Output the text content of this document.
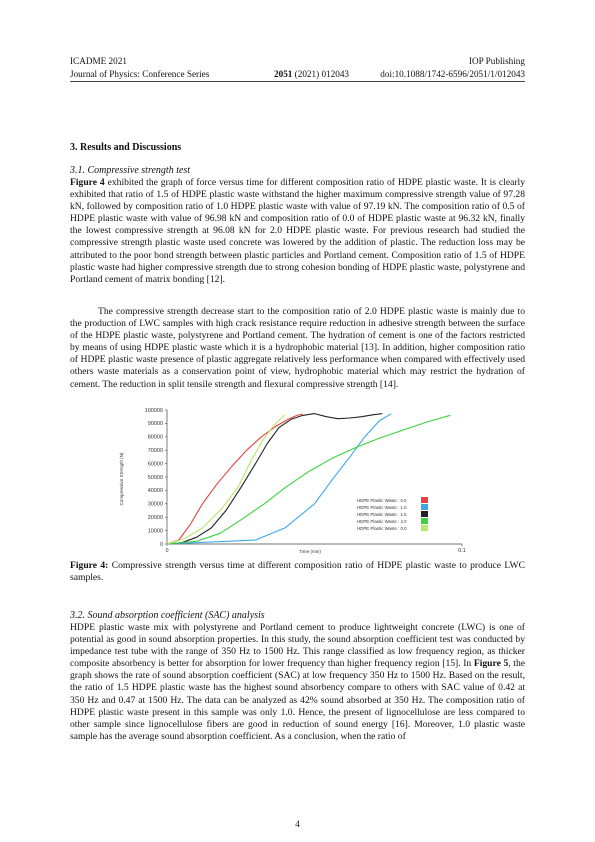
ICADME 2021	IOP Publishing
Journal of Physics: Conference Series	2051 (2021) 012043	doi:10.1088/1742-6596/2051/1/012043
3. Results and Discussions
3.1. Compressive strength test

Figure 4 exhibited the graph of force versus time for different composition ratio of HDPE plastic waste. It is clearly exhibited that ratio of 1.5 of HDPE plastic waste withstand the higher maximum compressive strength value of 97.28 kN, followed by composition ratio of 1.0 HDPE plastic waste with value of 97.19 kN. The composition ratio of 0.5 of HDPE plastic waste with value of 96.98 kN and composition ratio of 0.0 of HDPE plastic waste at 96.32 kN, finally the lowest compressive strength at 96.08 kN for 2.0 HDPE plastic waste. For previous research had studied the compressive strength plastic waste used concrete was lowered by the addition of plastic. The reduction loss may be attributed to the poor bond strength between plastic particles and Portland cement. Composition ratio of 1.5 of HDPE plastic waste had higher compressive strength due to strong cohesion bonding of HDPE plastic waste, polystyrene and Portland cement of matrix bonding [12].

The compressive strength decrease start to the composition ratio of 2.0 HDPE plastic waste is mainly due to the production of LWC samples with high crack resistance require reduction in adhesive strength between the surface of the HDPE plastic waste, polystyrene and Portland cement. The hydration of cement is one of the factors restricted by means of using HDPE plastic waste which it is a hydrophobic material [13]. In addition, higher composition ratio of HDPE plastic waste presence of plastic aggregate relatively less performance when compared with effectively used others waste materials as a conservation point of view, hydrophobic material which may restrict the hydration of cement. The reduction in split tensile strength and flexural compressive strength [14].

0
10000
20000
30000
40000
50000
60000
70000
80000
90000
100000
0	0.1
HDPE Plastic Waste : 0.5
HDPE Plastic Waste : 1.0
HDPE Plastic Waste : 1.5
HDPE Plastic Waste : 2.0
HDPE Plastic Waste : 0.0
Compressive Strength (N)
Time (min)
Figure 4: Compressive strength versus time at different composition ratio of HDPE plastic waste to produce LWC samples.
3.2. Sound absorption coefficient (SAC) analysis

HDPE plastic waste mix with polystyrene and Portland cement to produce lightweight concrete (LWC) is one of potential as good in sound absorption properties. In this study, the sound absorption coefficient test was conducted by impedance test tube with the range of 350 Hz to 1500 Hz. This range classified as low frequency region, as thicker composite absorbency is better for absorption for lower frequency than higher frequency region [15]. In Figure 5, the graph shows the rate of sound absorption coefficient (SAC) at low frequency 350 Hz to 1500 Hz. Based on the result, the ratio of 1.5 HDPE plastic waste has the highest sound absorbency compare to others with SAC value of 0.42 at 350 Hz and 0.47 at 1500 Hz. The data can be analyzed as 42% sound absorbed at 350 Hz. The composition ratio of HDPE plastic waste present in this sample was only 1.0. Hence, the present of lignocellulose are less compared to other sample since lignocellulose fibers are good in reduction of sound energy [16]. Moreover, 1.0 plastic waste sample has the average sound absorption coefficient. As a conclusion, when the ratio of

4
